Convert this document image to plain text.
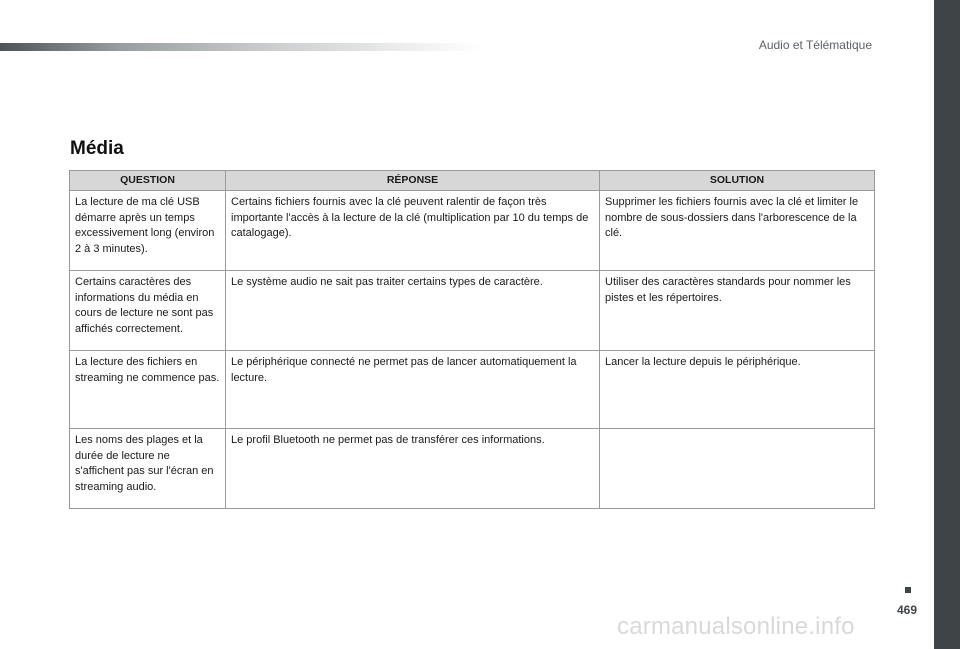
Audio et Télématique
Média
QUESTION	RÉPONSE	SOLUTION
La lecture de ma clé USB démarre après un temps excessivement long (environ 2 à 3 minutes).	Certains fichiers fournis avec la clé peuvent ralentir de façon très importante l'accès à la lecture de la clé (multiplication par 10 du temps de catalogage).	Supprimer les fichiers fournis avec la clé et limiter le nombre de sous-dossiers dans l'arborescence de la clé.
Certains caractères des informations du média en cours de lecture ne sont pas affichés correctement.	Le système audio ne sait pas traiter certains types de caractère.	Utiliser des caractères standards pour nommer les pistes et les répertoires.
La lecture des fichiers en streaming ne commence pas.	Le périphérique connecté ne permet pas de lancer automatiquement la lecture.	Lancer la lecture depuis le périphérique.
Les noms des plages et la durée de lecture ne s'affichent pas sur l'écran en streaming audio.	Le profil Bluetooth ne permet pas de transférer ces informations.	
469
carmanualsonline.info
